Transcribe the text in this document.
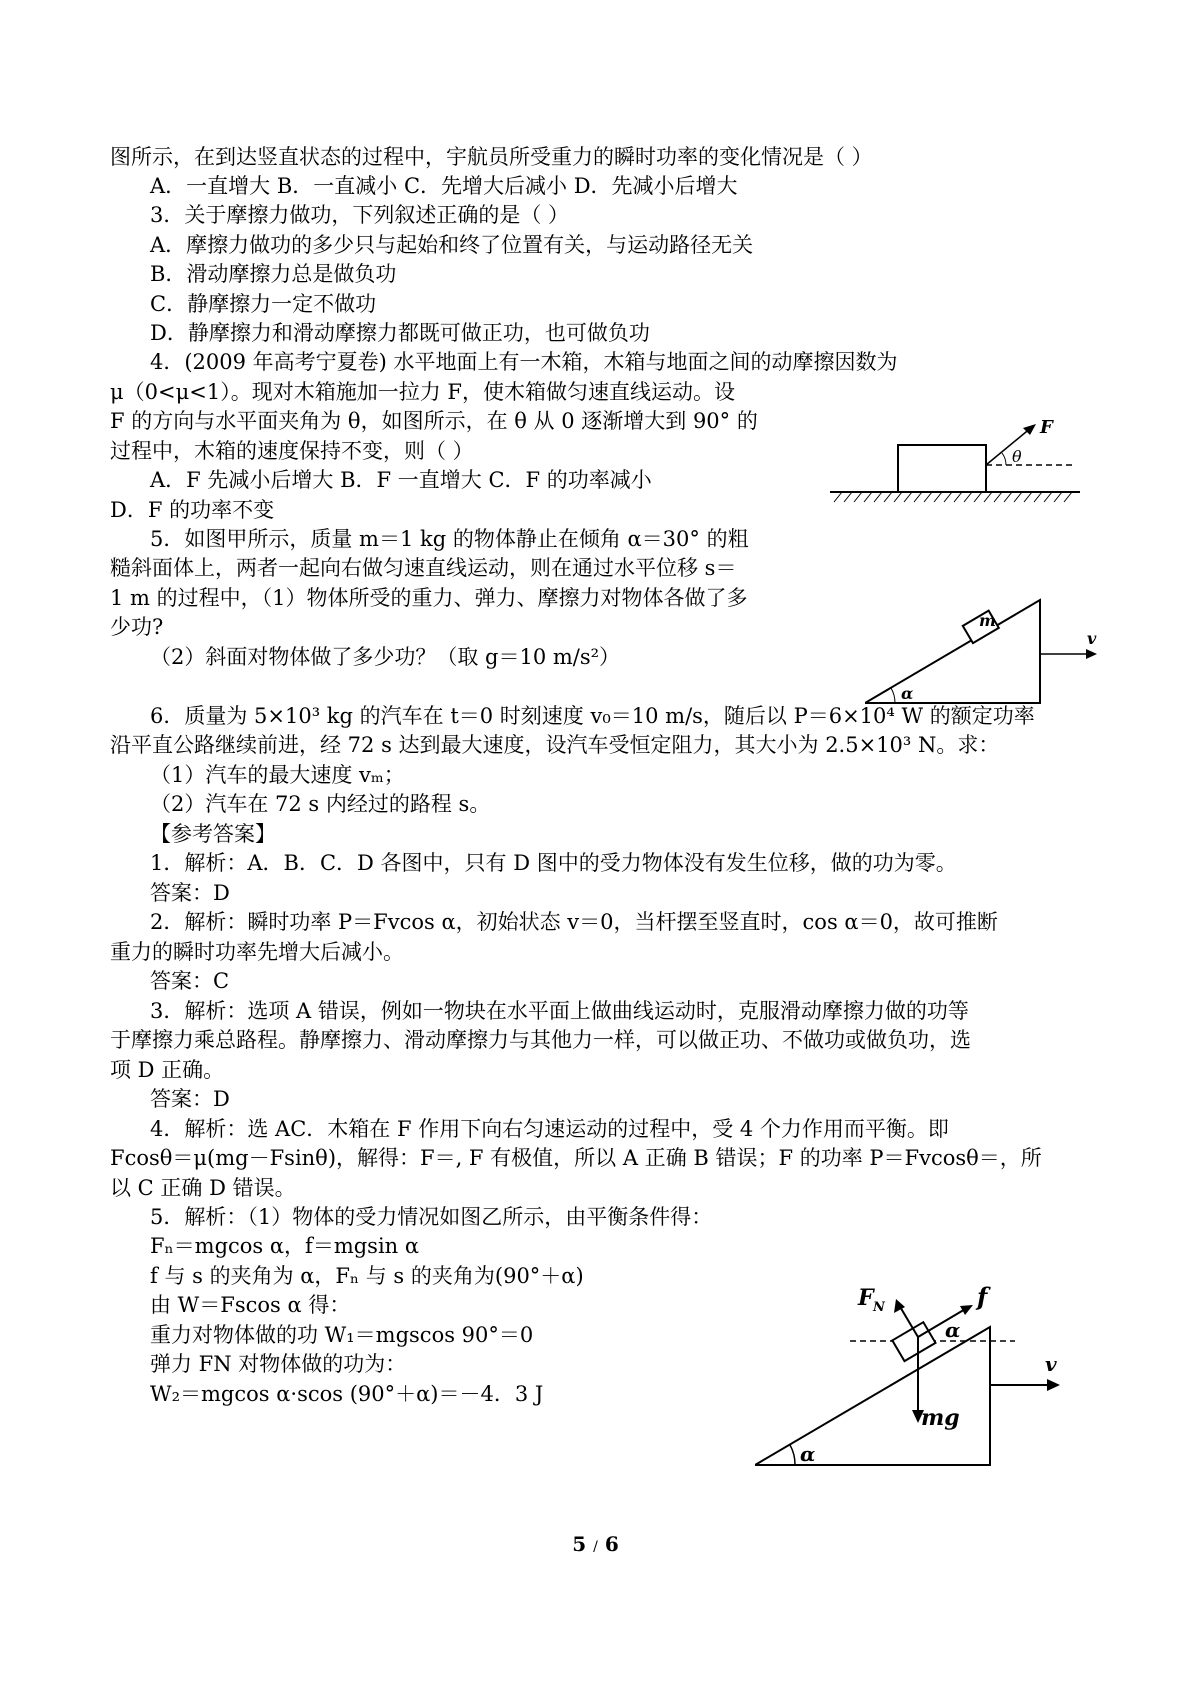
图所示，在到达竖直状态的过程中，宇航员所受重力的瞬时功率的变化情况是（ ）
A．一直增大 B．一直减小 C．先增大后减小 D．先减小后增大
3．关于摩擦力做功，下列叙述正确的是（ ）
A．摩擦力做功的多少只与起始和终了位置有关，与运动路径无关
B．滑动摩擦力总是做负功
C．静摩擦力一定不做功
D．静摩擦力和滑动摩擦力都既可做正功，也可做负功
4．(2009 年高考宁夏卷) 水平地面上有一木箱，木箱与地面之间的动摩擦因数为
μ（0<μ<1）。现对木箱施加一拉力 F，使木箱做匀速直线运动。设
F 的方向与水平面夹角为 θ，如图所示，在 θ 从 0 逐渐增大到 90° 的
过程中，木箱的速度保持不变，则（ ）
A．F 先减小后增大 B．F 一直增大 C．F 的功率减小
D．F 的功率不变
5．如图甲所示，质量 m＝1 kg 的物体静止在倾角 α＝30° 的粗
糙斜面体上，两者一起向右做匀速直线运动，则在通过水平位移 s＝
1 m 的过程中，（1）物体所受的重力、弹力、摩擦力对物体各做了多
少功?
（2）斜面对物体做了多少功？（取 g＝10 m/s²）
6．质量为 5×10³ kg 的汽车在 t＝0 时刻速度 v₀＝10 m/s，随后以 P＝6×10⁴ W 的额定功率
沿平直公路继续前进，经 72 s 达到最大速度，设汽车受恒定阻力，其大小为 2.5×10³ N。求：
（1）汽车的最大速度 vₘ；
（2）汽车在 72 s 内经过的路程 s。
【参考答案】
1．解析：A．B．C．D 各图中，只有 D 图中的受力物体没有发生位移，做的功为零。
答案：D
2．解析：瞬时功率 P＝Fvcos α，初始状态 v＝0，当杆摆至竖直时，cos α＝0，故可推断
重力的瞬时功率先增大后减小。
答案：C
3．解析：选项 A 错误，例如一物块在水平面上做曲线运动时，克服滑动摩擦力做的功等
于摩擦力乘总路程。静摩擦力、滑动摩擦力与其他力一样，可以做正功、不做功或做负功，选
项 D 正确。
答案：D
4．解析：选 AC．木箱在 F 作用下向右匀速运动的过程中，受 4 个力作用而平衡。即
Fcosθ＝μ(mg－Fsinθ)，解得：F＝, F 有极值，所以 A 正确 B 错误；F 的功率 P＝Fvcosθ＝，所
以 C 正确 D 错误。
5．解析：（1）物体的受力情况如图乙所示，由平衡条件得：
Fₙ＝mgcos α，f＝mgsin α
f 与 s 的夹角为 α，Fₙ 与 s 的夹角为(90°＋α)
由 W＝Fscos α 得：
重力对物体做的功 W₁＝mgscos 90°＝0
弹力 FN 对物体做的功为：
W₂＝mgcos α·scos (90°＋α)＝－4．3 J
F
θ
m
v
α
F N	f
α
mg
v
α
5 / 6
